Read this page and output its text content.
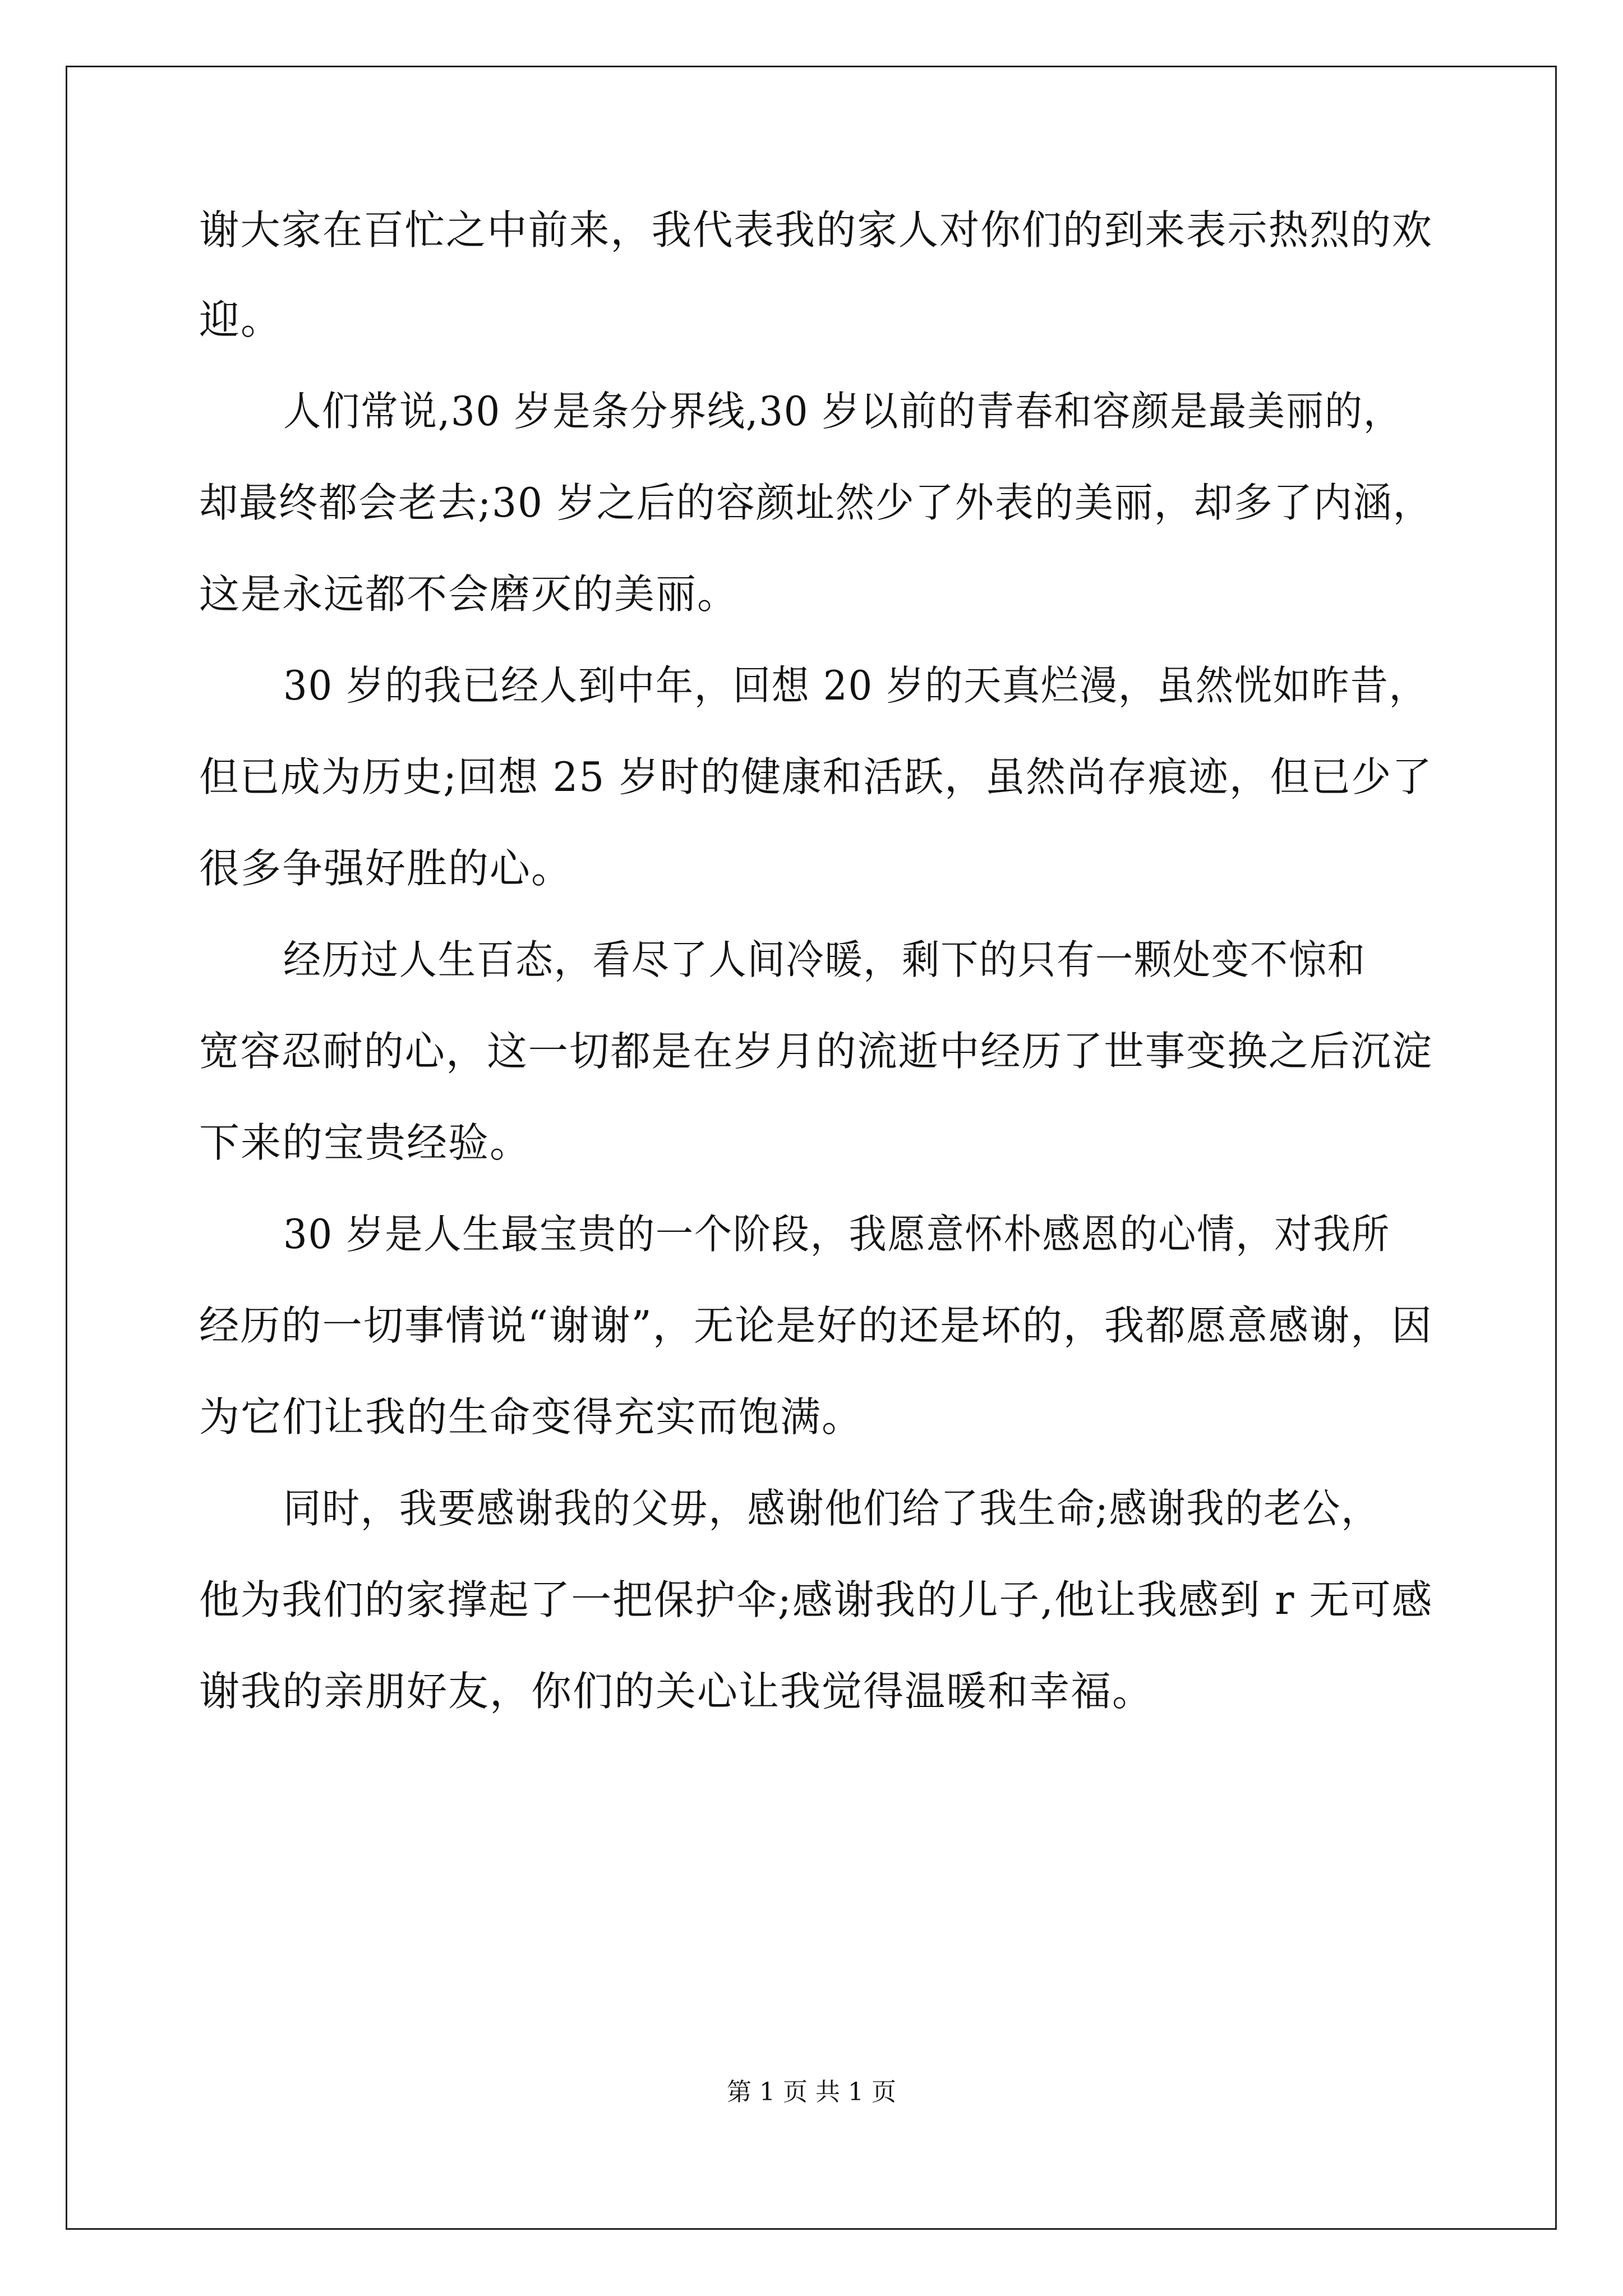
谢大家在百忙之中前来，我代表我的家人对你们的到来表示热烈的欢
迎。
人们常说,30 岁是条分界线,30 岁以前的青春和容颜是最美丽的，
却最终都会老去;30 岁之后的容颜址然少了外表的美丽，却多了内涵，
这是永远都不会磨灭的美丽。
30 岁的我已经人到中年，回想 20 岁的天真烂漫，虽然恍如昨昔，
但已成为历史;回想 25 岁时的健康和活跃，虽然尚存痕迹，但已少了
很多争强好胜的心。
经历过人生百态，看尽了人间冷暖，剩下的只有一颗处变不惊和
宽容忍耐的心，这一切都是在岁月的流逝中经历了世事变换之后沉淀
下来的宝贵经验。
30 岁是人生最宝贵的一个阶段，我愿意怀朴感恩的心情，对我所
经历的一切事情说“谢谢”，无论是好的还是坏的，我都愿意感谢，因
为它们让我的生命变得充实而饱满。
同时，我要感谢我的父毋，感谢他们给了我生命;感谢我的老公，
他为我们的家撑起了一把保护伞;感谢我的儿子,他让我感到 r 无可感
谢我的亲朋好友，你们的关心让我觉得温暖和幸福。
第 1 页 共 1 页
